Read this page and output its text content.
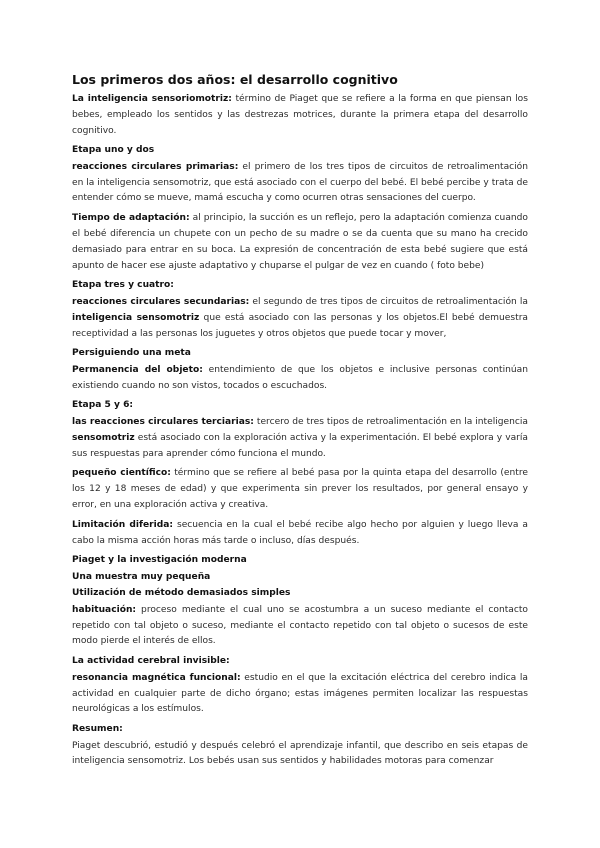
Los primeros dos años: el desarrollo cognitivo

La inteligencia sensoriomotriz: término de Piaget que se refiere a la forma en que piensan los bebes, empleado los sentidos y las destrezas motrices, durante la primera etapa del desarrollo cognitivo.

Etapa uno y dos

reacciones circulares primarias: el primero de los tres tipos de circuitos de retroalimentación en la inteligencia sensomotriz, que está asociado con el cuerpo del bebé. El bebé percibe y trata de entender cómo se mueve, mamá escucha y como ocurren otras sensaciones del cuerpo.

Tiempo de adaptación: al principio, la succión es un reflejo, pero la adaptación comienza cuando el bebé diferencia un chupete con un pecho de su madre o se da cuenta que su mano ha crecido demasiado para entrar en su boca. La expresión de concentración de esta bebé sugiere que está apunto de hacer ese ajuste adaptativo y chuparse el pulgar de vez en cuando ( foto bebe)

Etapa tres y cuatro:

reacciones circulares secundarias: el segundo de tres tipos de circuitos de retroalimentación la inteligencia sensomotriz que está asociado con las personas y los objetos.El bebé demuestra receptividad a las personas los juguetes y otros objetos que puede tocar y mover,

Persiguiendo una meta

Permanencia del objeto: entendimiento de que los objetos e inclusive personas continúan existiendo cuando no son vistos, tocados o escuchados.

Etapa 5 y 6:

las reacciones circulares terciarias: tercero de tres tipos de retroalimentación en la inteligencia sensomotriz está asociado con la exploración activa y la experimentación. El bebé explora y varía sus respuestas para aprender cómo funciona el mundo.

pequeño científico: término que se refiere al bebé pasa por la quinta etapa del desarrollo (entre los 12 y 18 meses de edad) y que experimenta sin prever los resultados, por general ensayo y error, en una exploración activa y creativa.

Limitación diferida: secuencia en la cual el bebé recibe algo hecho por alguien y luego lleva a cabo la misma acción horas más tarde o incluso, días después.

Piaget y la investigación moderna
Una muestra muy pequeña
Utilización de método demasiados simples

habituación: proceso mediante el cual uno se acostumbra a un suceso mediante el contacto repetido con tal objeto o suceso, mediante el contacto repetido con tal objeto o sucesos de este modo pierde el interés de ellos.

La actividad cerebral invisible:

resonancia magnética funcional: estudio en el que la excitación eléctrica del cerebro indica la actividad en cualquier parte de dicho órgano; estas imágenes permiten localizar las respuestas neurológicas a los estímulos.

Resumen:

Piaget descubrió, estudió y después celebró el aprendizaje infantil, que describo en seis etapas de inteligencia sensomotriz. Los bebés usan sus sentidos y habilidades motoras para comenzar
